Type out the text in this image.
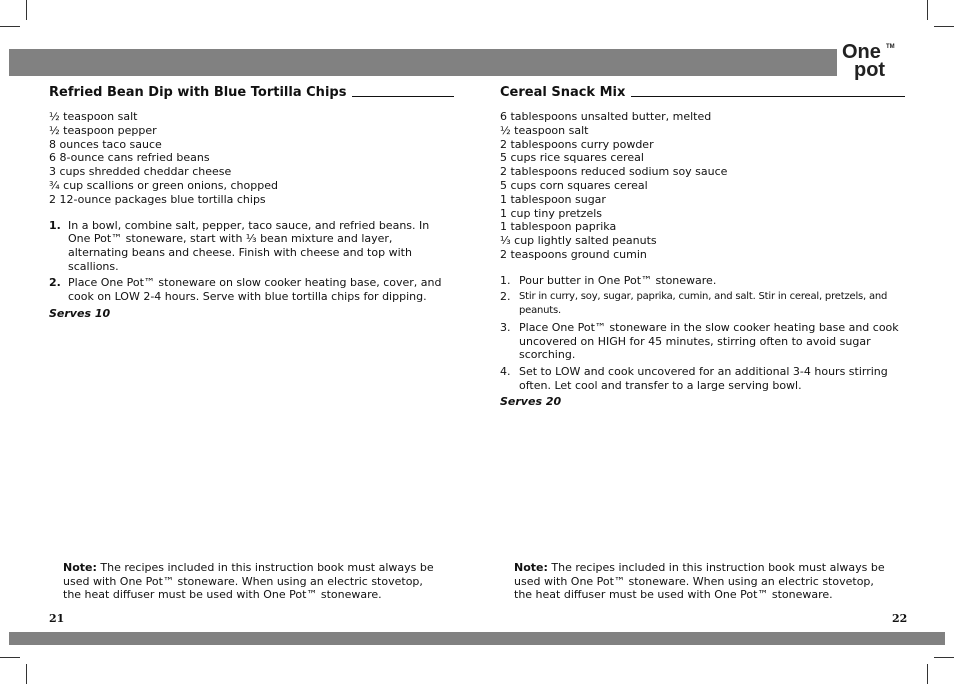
One
pot
TM
Refried Bean Dip with Blue Tortilla Chips
½ teaspoon salt
½ teaspoon pepper
8 ounces taco sauce
6 8-ounce cans refried beans
3 cups shredded cheddar cheese
¾ cup scallions or green onions, chopped
2 12-ounce packages blue tortilla chips
1. In a bowl, combine salt, pepper, taco sauce, and refried beans. In One Pot™ stoneware, start with ⅓ bean mixture and layer, alternating beans and cheese. Finish with cheese and top with scallions.
2. Place One Pot™ stoneware on slow cooker heating base, cover, and cook on LOW 2-4 hours. Serve with blue tortilla chips for dipping.
Serves 10
Cereal Snack Mix
6 tablespoons unsalted butter, melted
½ teaspoon salt
2 tablespoons curry powder
5 cups rice squares cereal
2 tablespoons reduced sodium soy sauce
5 cups corn squares cereal
1 tablespoon sugar
1 cup tiny pretzels
1 tablespoon paprika
⅓ cup lightly salted peanuts
2 teaspoons ground cumin
1. Pour butter in One Pot™ stoneware.
2. Stir in curry, soy, sugar, paprika, cumin, and salt. Stir in cereal, pretzels, and peanuts.
3. Place One Pot™ stoneware in the slow cooker heating base and cook uncovered on HIGH for 45 minutes, stirring often to avoid sugar scorching.
4. Set to LOW and cook uncovered for an additional 3-4 hours stirring often. Let cool and transfer to a large serving bowl.
Serves 20
Note: The recipes included in this instruction book must always be used with One Pot™ stoneware. When using an electric stovetop, the heat diffuser must be used with One Pot™ stoneware.
Note: The recipes included in this instruction book must always be used with One Pot™ stoneware. When using an electric stovetop, the heat diffuser must be used with One Pot™ stoneware.
21	22
